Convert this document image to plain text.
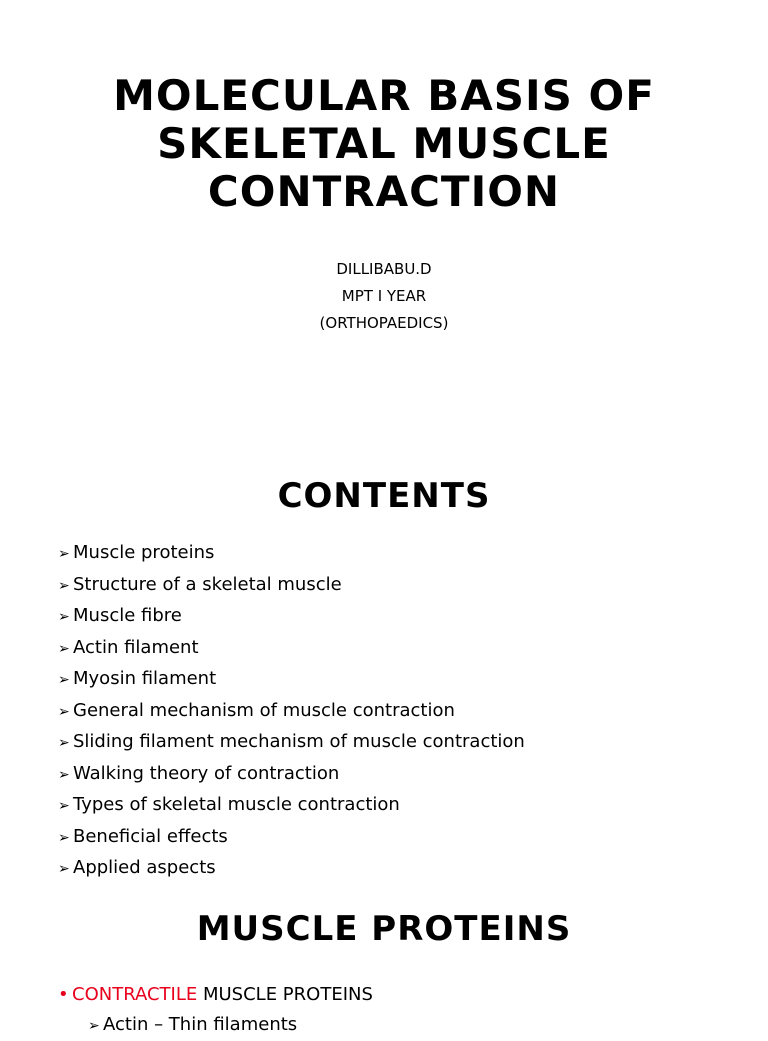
MOLECULAR BASIS OF
SKELETAL MUSCLE
CONTRACTION
DILLIBABU.D
MPT I YEAR
(ORTHOPAEDICS)
CONTENTS
➢ Muscle proteins
➢ Structure of a skeletal muscle
➢ Muscle fibre
➢ Actin filament
➢ Myosin filament
➢ General mechanism of muscle contraction
➢ Sliding filament mechanism of muscle contraction
➢ Walking theory of contraction
➢ Types of skeletal muscle contraction
➢ Beneficial effects
➢ Applied aspects
MUSCLE PROTEINS
• CONTRACTILE MUSCLE PROTEINS
➢ Actin – Thin filaments
